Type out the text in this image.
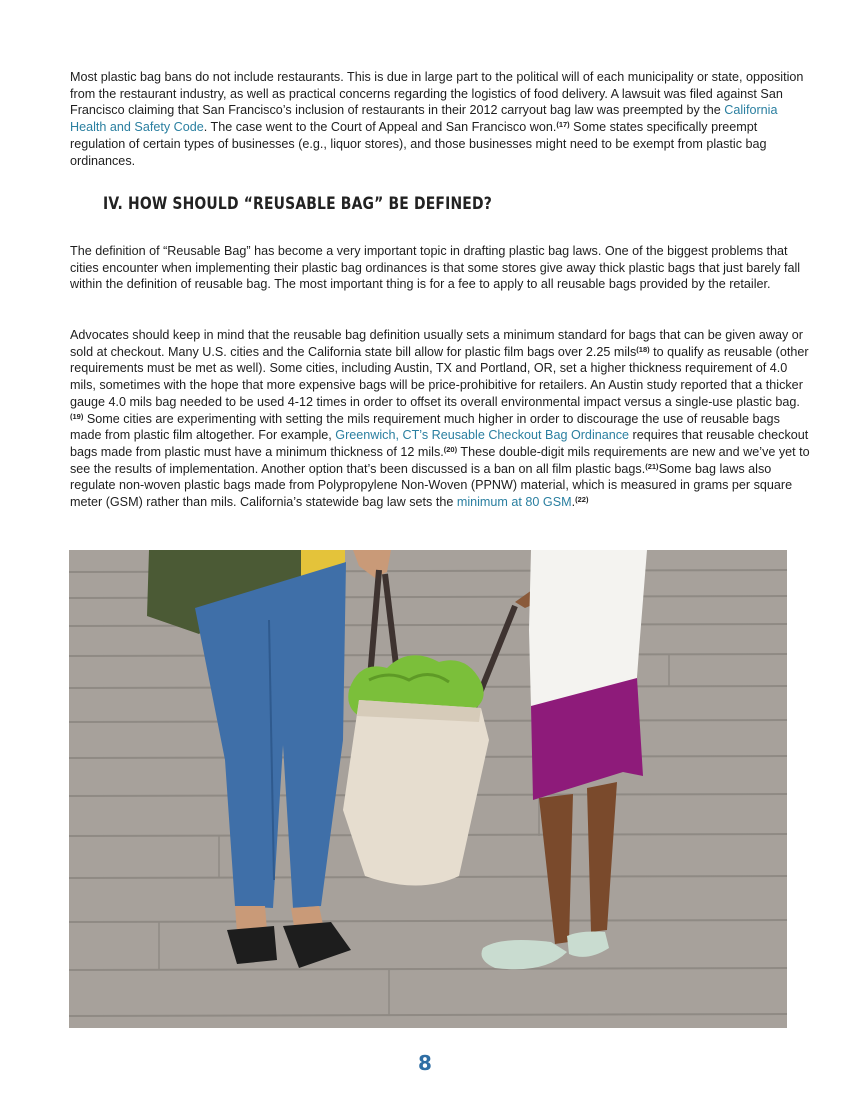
Most plastic bag bans do not include restaurants. This is due in large part to the political will of each municipality or state, opposition from the restaurant industry, as well as practical concerns regarding the logistics of food delivery. A lawsuit was filed against San Francisco claiming that San Francisco’s inclusion of restaurants in their 2012 carryout bag law was preempted by the California Health and Safety Code. The case went to the Court of Appeal and San Francisco won.$^{(17)}$ Some states specifically preempt regulation of certain types of businesses (e.g., liquor stores), and those businesses might need to be exempt from plastic bag ordinances.

IV. HOW SHOULD “REUSABLE BAG” BE DEFINED?

The definition of “Reusable Bag” has become a very important topic in drafting plastic bag laws. One of the biggest problems that cities encounter when implementing their plastic bag ordinances is that some stores give away thick plastic bags that just barely fall within the definition of reusable bag. The most important thing is for a fee to apply to all reusable bags provided by the retailer.

Advocates should keep in mind that the reusable bag definition usually sets a minimum standard for bags that can be given away or sold at checkout. Many U.S. cities and the California state bill allow for plastic film bags over 2.25 mils$^{(18)}$ to qualify as reusable (other requirements must be met as well). Some cities, including Austin, TX and Portland, OR, set a higher thickness requirement of 4.0 mils, sometimes with the hope that more expensive bags will be price-prohibitive for retailers. An Austin study reported that a thicker gauge 4.0 mils bag needed to be used 4-12 times in order to offset its overall environmental impact versus a single-use plastic bag.$^{(19)}$ Some cities are experimenting with setting the mils requirement much higher in order to discourage the use of reusable bags made from plastic film altogether. For example, Greenwich, CT’s Reusable Checkout Bag Ordinance requires that reusable checkout bags made from plastic must have a minimum thickness of 12 mils.$^{(20)}$ These double-digit mils requirements are new and we’ve yet to see the results of implementation. Another option that’s been discussed is a ban on all film plastic bags.$^{(21)}$Some bag laws also regulate non-woven plastic bags made from Polypropylene Non-Woven (PPNW) material, which is measured in grams per square meter (GSM) rather than mils. California’s statewide bag law sets the minimum at 80 GSM.$^{(22)}$

8
